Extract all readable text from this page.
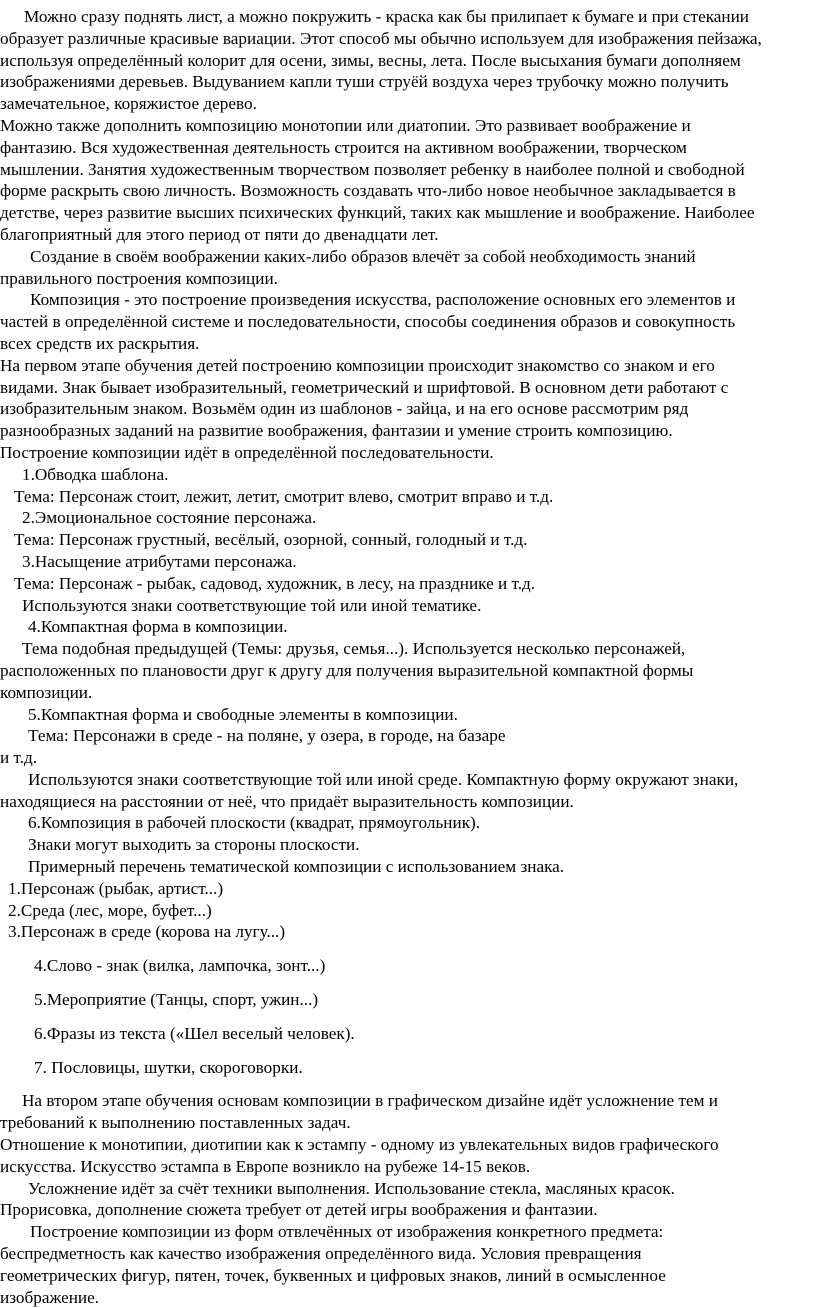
Можно сразу поднять лист, а можно покружить - краска как бы прилипает к бумаге и при стекании

образует различные красивые вариации. Этот способ мы обычно используем для изображения пейзажа,

используя определённый колорит для осени, зимы, весны, лета. После высыхания бумаги дополняем

изображениями деревьев. Выдуванием капли туши струёй воздуха через трубочку можно получить

замечательное, коряжистое дерево.

Можно также дополнить композицию монотопии или диатопии. Это развивает воображение и

фантазию. Вся художественная деятельность строится на активном воображении, творческом

мышлении. Занятия художественным творчеством позволяет ребенку в наиболее полной и свободной

форме раскрыть свою личность. Возможность создавать что-либо новое необычное закладывается в

детстве, через развитие высших психических функций, таких как мышление и воображение. Наиболее

благоприятный для этого период от пяти до двенадцати лет.

Создание в своём воображении каких-либо образов влечёт за собой необходимость знаний

правильного построения композиции.

Композиция - это построение произведения искусства, расположение основных его элементов и

частей в определённой системе и последовательности, способы соединения образов и совокупность

всех средств их раскрытия.

На первом этапе обучения детей построению композиции происходит знакомство со знаком и его

видами. Знак бывает изобразительный, геометрический и шрифтовой. В основном дети работают с

изобразительным знаком. Возьмём один из шаблонов - зайца, и на его основе рассмотрим ряд

разнообразных заданий на развитие воображения, фантазии и умение строить композицию.

Построение композиции идёт в определённой последовательности.

1.Обводка шаблона.

Тема: Персонаж стоит, лежит, летит, смотрит влево, смотрит вправо и т.д.

2.Эмоциональное состояние персонажа.

Тема: Персонаж грустный, весёлый, озорной, сонный, голодный и т.д.

3.Насыщение атрибутами персонажа.

Тема: Персонаж - рыбак, садовод, художник, в лесу, на празднике и т.д.

Используются знаки соответствующие той или иной тематике.

4.Компактная форма в композиции.

Тема подобная предыдущей (Темы: друзья, семья...). Используется несколько персонажей,

расположенных по плановости друг к другу для получения выразительной компактной формы

композиции.

5.Компактная форма и свободные элементы в композиции.

Тема: Персонажи в среде - на поляне, у озера, в городе, на базаре

и т.д.

Используются знаки соответствующие той или иной среде. Компактную форму окружают знаки,

находящиеся на расстоянии от неё, что придаёт выразительность композиции.

6.Композиция в рабочей плоскости (квадрат, прямоугольник).

Знаки могут выходить за стороны плоскости.

Примерный перечень тематической композиции с использованием знака.

1.Персонаж (рыбак, артист...)

2.Среда (лес, море, буфет...)

3.Персонаж в среде (корова на лугу...)

4.Слово - знак (вилка, лампочка, зонт...)

5.Мероприятие (Танцы, спорт, ужин...)

6.Фразы из текста («Шел веселый человек).

7. Пословицы, шутки, скороговорки.

На втором этапе обучения основам композиции в графическом дизайне идёт усложнение тем и

требований к выполнению поставленных задач.

Отношение к монотипии, диотипии как к эстампу - одному из увлекательных видов графического

искусства. Искусство эстампа в Европе возникло на рубеже 14-15 веков.

Усложнение идёт за счёт техники выполнения. Использование стекла, масляных красок.

Прорисовка, дополнение сюжета требует от детей игры воображения и фантазии.

Построение композиции из форм отвлечённых от изображения конкретного предмета:

беспредметность как качество изображения определённого вида. Условия превращения

геометрических фигур, пятен, точек, буквенных и цифровых знаков, линий в осмысленное

изображение.
